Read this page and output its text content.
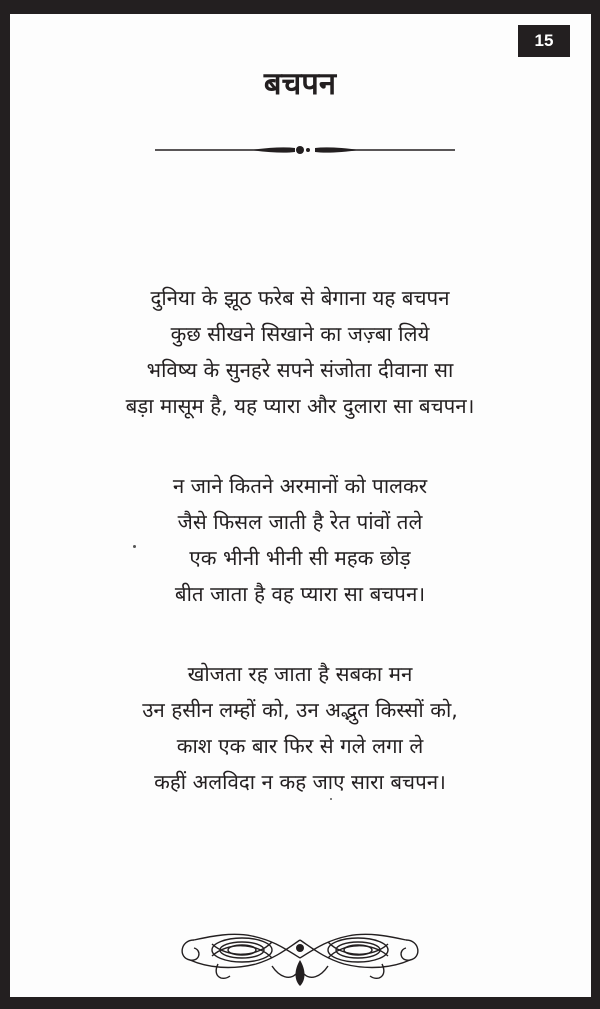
15
बचपन
दुनिया के झूठ फरेब से बेगाना यह बचपन
कुछ सीखने सिखाने का जज़्बा लिये
भविष्य के सुनहरे सपने संजोता दीवाना सा
बड़ा मासूम है, यह प्यारा और दुलारा सा बचपन।
न जाने कितने अरमानों को पालकर
जैसे फिसल जाती है रेत पांवों तले
एक भीनी भीनी सी महक छोड़
बीत जाता है वह प्यारा सा बचपन।
खोजता रह जाता है सबका मन
उन हसीन लम्हों को, उन अद्भुत किस्सों को,
काश एक बार फिर से गले लगा ले
कहीं अलविदा न कह जाए सारा बचपन।
